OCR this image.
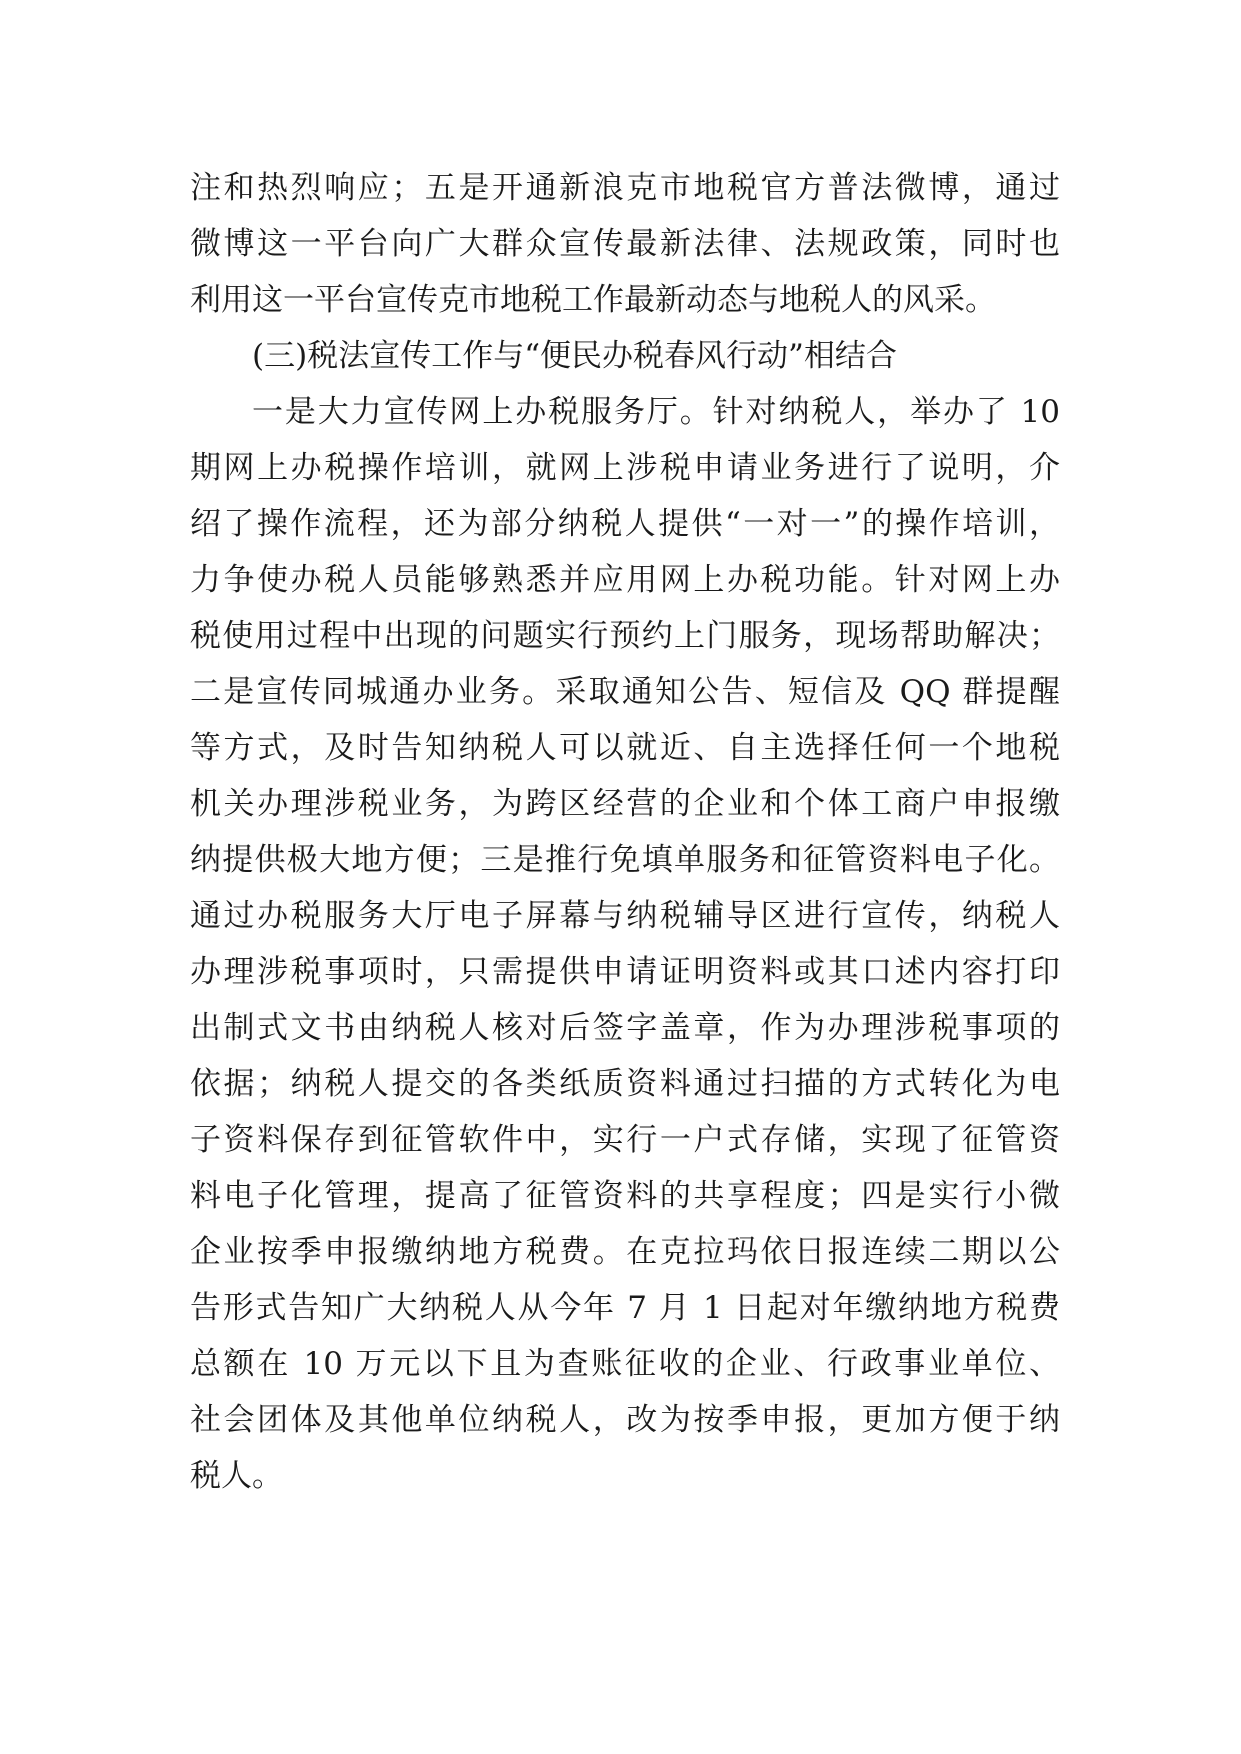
注和热烈响应；五是开通新浪克市地税官方普法微博，通过
微博这一平台向广大群众宣传最新法律、法规政策，同时也
利用这一平台宣传克市地税工作最新动态与地税人的风采。
(三)税法宣传工作与“便民办税春风行动”相结合
一是大力宣传网上办税服务厅。针对纳税人，举办了 10
期网上办税操作培训，就网上涉税申请业务进行了说明，介
绍了操作流程，还为部分纳税人提供“一对一”的操作培训，
力争使办税人员能够熟悉并应用网上办税功能。针对网上办
税使用过程中出现的问题实行预约上门服务，现场帮助解决；
二是宣传同城通办业务。采取通知公告、短信及 QQ 群提醒
等方式，及时告知纳税人可以就近、自主选择任何一个地税
机关办理涉税业务，为跨区经营的企业和个体工商户申报缴
纳提供极大地方便；三是推行免填单服务和征管资料电子化。
通过办税服务大厅电子屏幕与纳税辅导区进行宣传，纳税人
办理涉税事项时，只需提供申请证明资料或其口述内容打印
出制式文书由纳税人核对后签字盖章，作为办理涉税事项的
依据；纳税人提交的各类纸质资料通过扫描的方式转化为电
子资料保存到征管软件中，实行一户式存储，实现了征管资
料电子化管理，提高了征管资料的共享程度；四是实行小微
企业按季申报缴纳地方税费。在克拉玛依日报连续二期以公
告形式告知广大纳税人从今年 7 月 1 日起对年缴纳地方税费
总额在 10 万元以下且为查账征收的企业、行政事业单位、
社会团体及其他单位纳税人，改为按季申报，更加方便于纳
税人。
